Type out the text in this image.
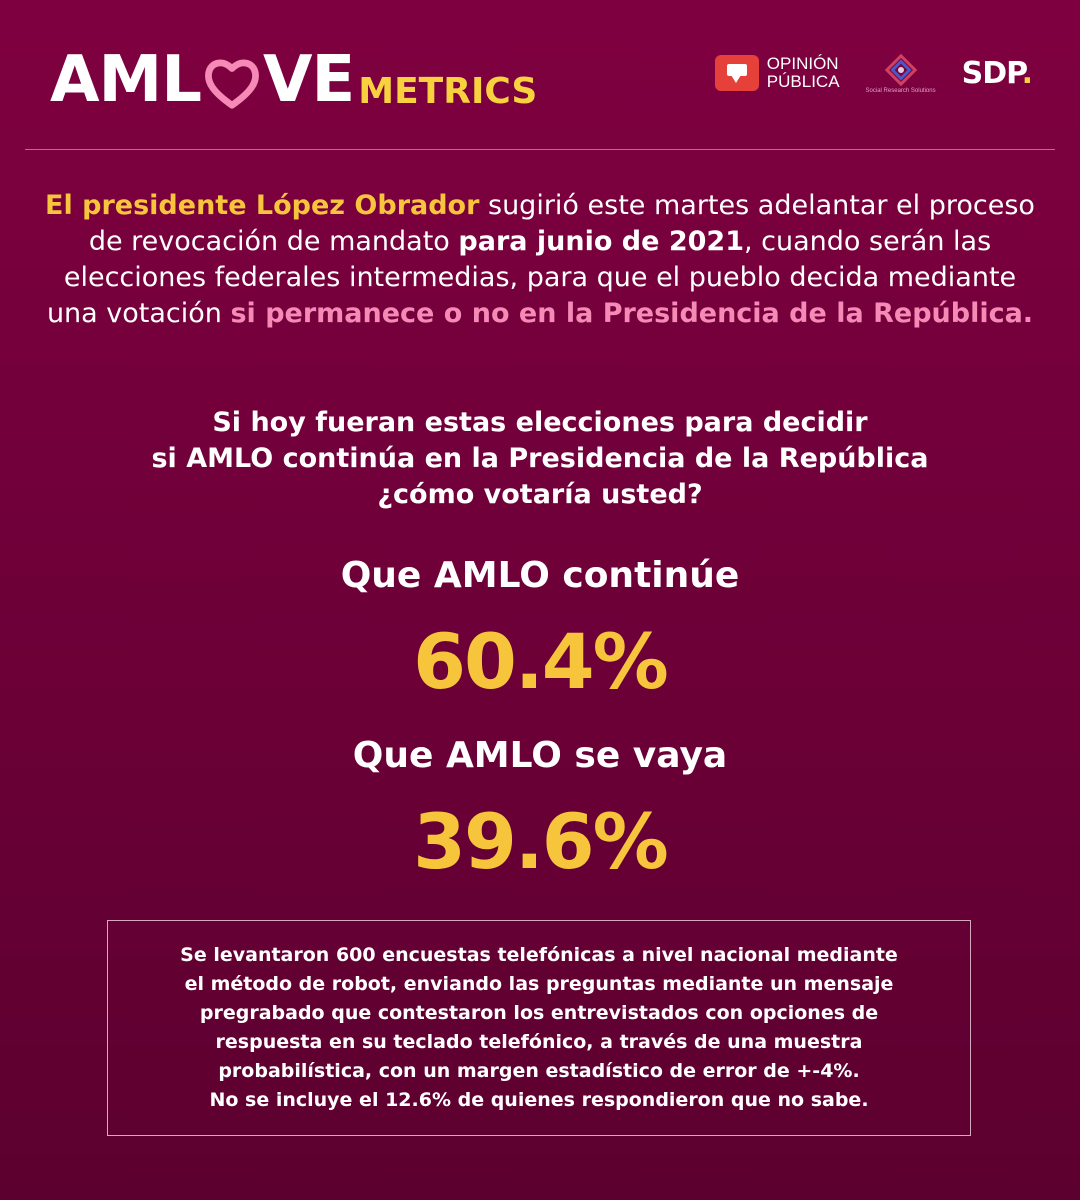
AML VE METRICS
OPINIÓN
PÚBLICA	Social Research Solutions
SDP.
El presidente López Obrador sugirió este martes adelantar el proceso de revocación de mandato para junio de 2021, cuando serán las elecciones federales intermedias, para que el pueblo decida mediante una votación si permanece o no en la Presidencia de la República.
Si hoy fueran estas elecciones para decidir
si AMLO continúa en la Presidencia de la República
¿cómo votaría usted?
Que AMLO continúe
60.4%
Que AMLO se vaya
39.6%
Se levantaron 600 encuestas telefónicas a nivel nacional mediante
el método de robot, enviando las preguntas mediante un mensaje
pregrabado que contestaron los entrevistados con opciones de
respuesta en su teclado telefónico, a través de una muestra
probabilística, con un margen estadístico de error de +-4%.
No se incluye el 12.6% de quienes respondieron que no sabe.
